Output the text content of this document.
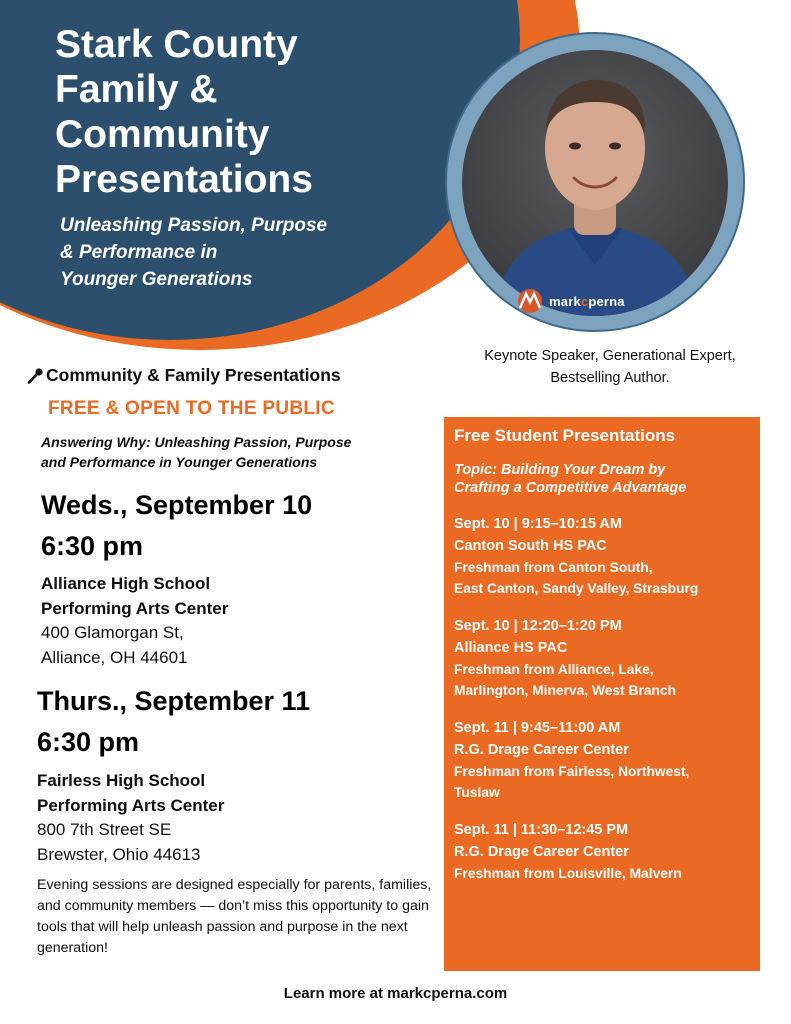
Stark County
Family &
Community
Presentations
Unleashing Passion, Purpose
& Performance in
Younger Generations
markcperna
Keynote Speaker, Generational Expert,
Bestselling Author.
Community & Family Presentations
FREE & OPEN TO THE PUBLIC
Answering Why: Unleashing Passion, Purpose
and Performance in Younger Generations
Weds., September 10
6:30 pm
Alliance High School
Performing Arts Center
400 Glamorgan St,
Alliance, OH 44601
Thurs., September 11
6:30 pm
Fairless High School
Performing Arts Center
800 7th Street SE
Brewster, Ohio 44613
Evening sessions are designed especially for parents, families, and community members — don’t miss this opportunity to gain tools that will help unleash passion and purpose in the next generation!
Free Student Presentations
Topic: Building Your Dream by
Crafting a Competitive Advantage
Sept. 10 | 9:15–10:15 AM
Canton South HS PAC
Freshman from Canton South,
East Canton, Sandy Valley, Strasburg
Sept. 10 | 12:20–1:20 PM
Alliance HS PAC
Freshman from Alliance, Lake,
Marlington, Minerva, West Branch
Sept. 11 | 9:45–11:00 AM
R.G. Drage Career Center
Freshman from Fairless, Northwest,
Tuslaw
Sept. 11 | 11:30–12:45 PM
R.G. Drage Career Center
Freshman from Louisville, Malvern
Learn more at markcperna.com
